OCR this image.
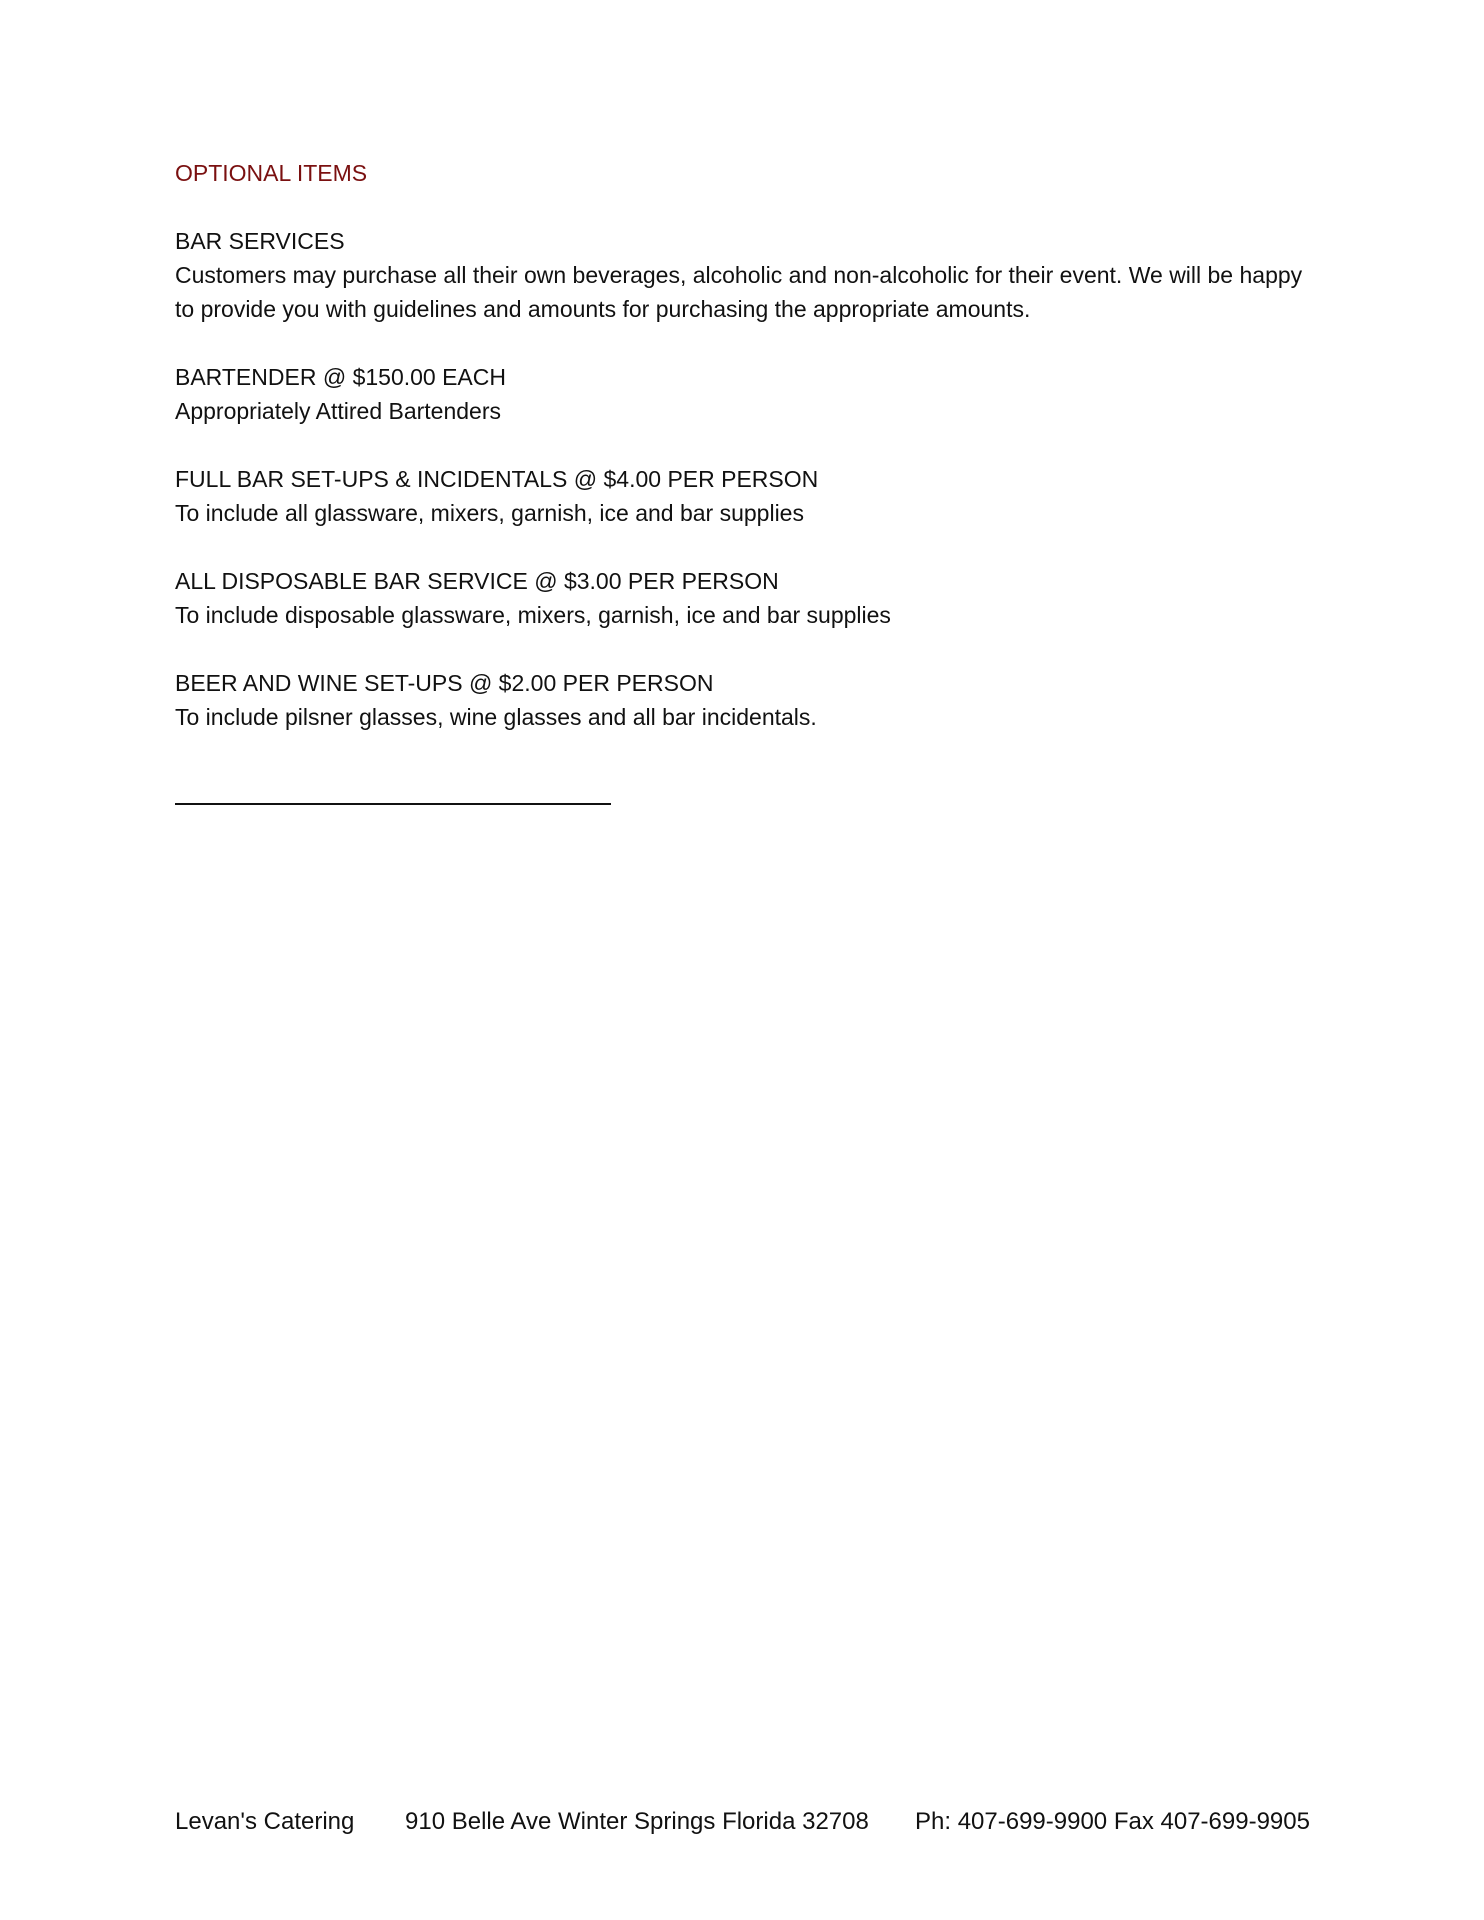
OPTIONAL ITEMS

BAR SERVICES

Customers may purchase all their own beverages, alcoholic and non-alcoholic for their event. We will be happy to provide you with guidelines and amounts for purchasing the appropriate amounts.

BARTENDER @ $150.00 EACH

Appropriately Attired Bartenders

FULL BAR SET-UPS & INCIDENTALS @ $4.00 PER PERSON

To include all glassware, mixers, garnish, ice and bar supplies

ALL DISPOSABLE BAR SERVICE @ $3.00 PER PERSON

To include disposable glassware, mixers, garnish, ice and bar supplies

BEER AND WINE SET-UPS @ $2.00 PER PERSON

To include pilsner glasses, wine glasses and all bar incidentals.

Levan's Catering 910 Belle Ave Winter Springs Florida 32708 Ph: 407-699-9900 Fax 407-699-9905
